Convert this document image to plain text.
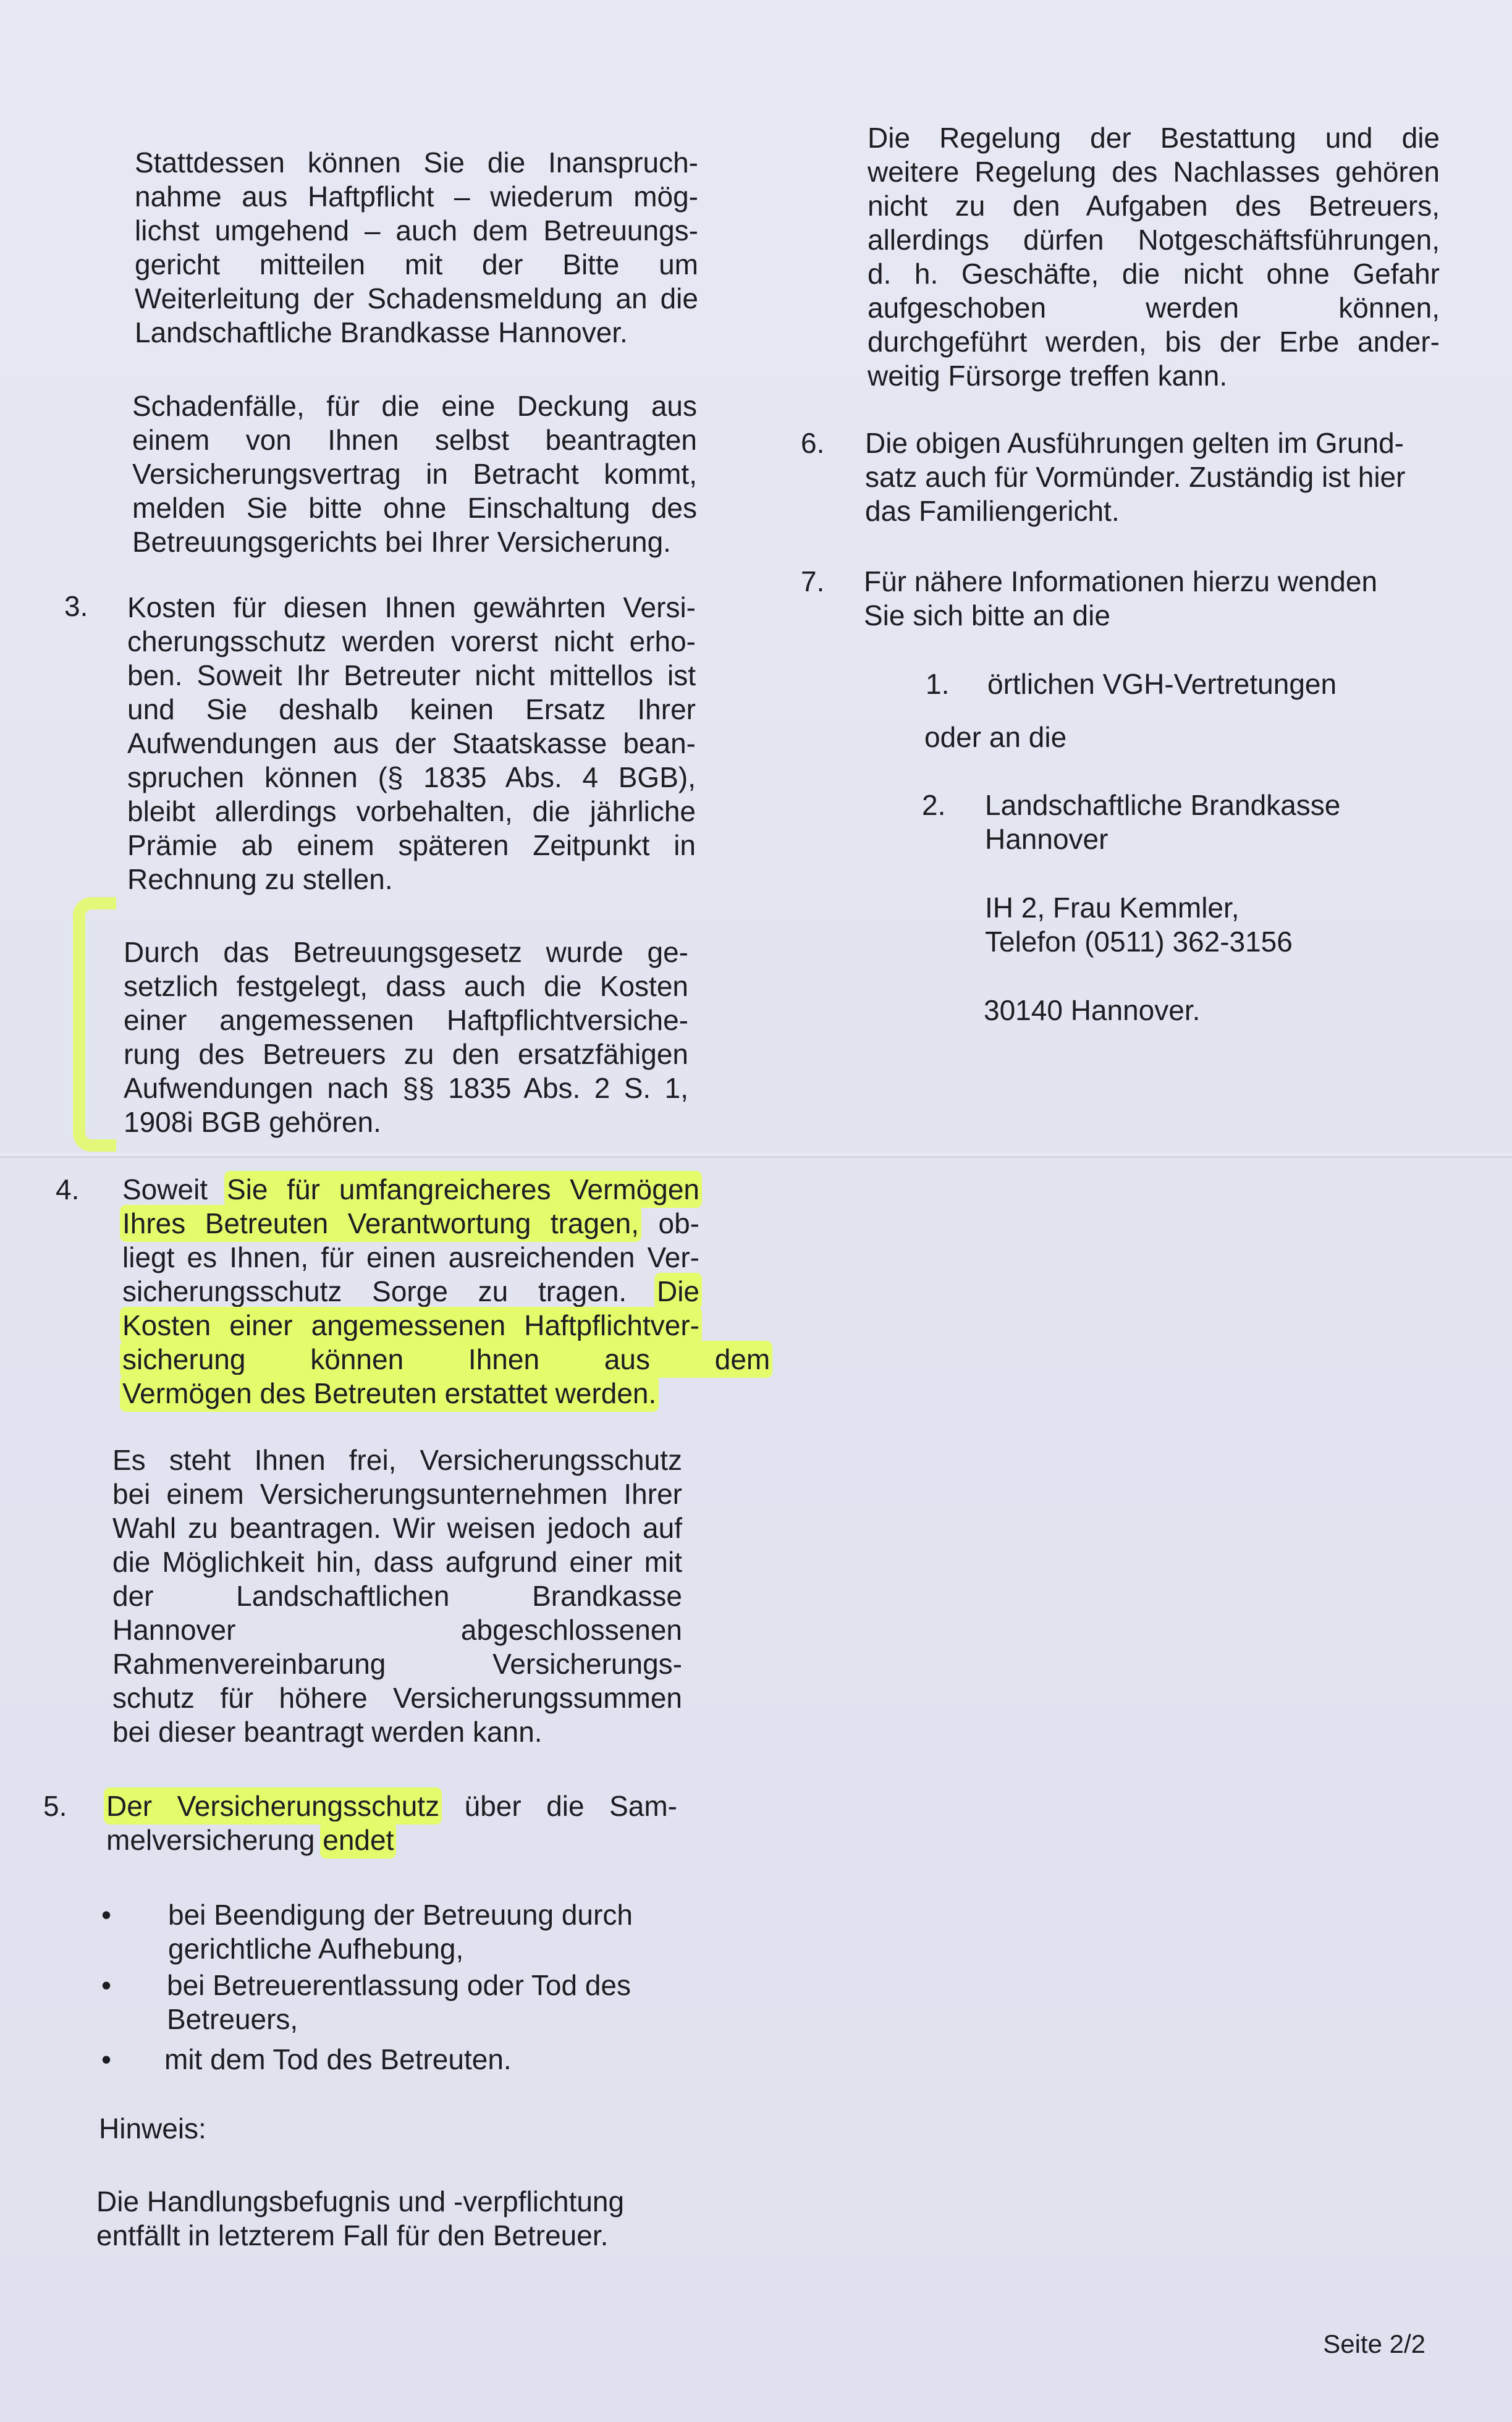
Stattdessen können Sie die Inanspruch-
nahme aus Haftpflicht – wiederum mög-
lichst umgehend – auch dem Betreuungs-
gericht mitteilen mit der Bitte um
Weiterleitung der Schadensmeldung an die
Landschaftliche Brandkasse Hannover.
Schadenfälle, für die eine Deckung aus
einem von Ihnen selbst beantragten
Versicherungsvertrag in Betracht kommt,
melden Sie bitte ohne Einschaltung des
Betreuungsgerichts bei Ihrer Versicherung.
3. Kosten für diesen Ihnen gewährten Versi-
cherungsschutz werden vorerst nicht erho-
ben. Soweit Ihr Betreuter nicht mittellos ist
und Sie deshalb keinen Ersatz Ihrer
Aufwendungen aus der Staatskasse bean-
spruchen können (§ 1835 Abs. 4 BGB),
bleibt allerdings vorbehalten, die jährliche
Prämie ab einem späteren Zeitpunkt in
Rechnung zu stellen.
Durch das Betreuungsgesetz wurde ge-
setzlich festgelegt, dass auch die Kosten
einer angemessenen Haftpflichtversiche-
rung des Betreuers zu den ersatzfähigen
Aufwendungen nach §§ 1835 Abs. 2 S. 1,
1908i BGB gehören.
4. Soweit Sie für umfangreicheres Vermögen
Ihres Betreuten Verantwortung tragen, ob-
liegt es Ihnen, für einen ausreichenden Ver-
sicherungsschutz Sorge zu tragen. Die
Kosten einer angemessenen Haftpflichtver-
sicherung können Ihnen aus dem
Vermögen des Betreuten erstattet werden.
Es steht Ihnen frei, Versicherungsschutz
bei einem Versicherungsunternehmen Ihrer
Wahl zu beantragen. Wir weisen jedoch auf
die Möglichkeit hin, dass aufgrund einer mit
der Landschaftlichen Brandkasse
Hannover abgeschlossenen
Rahmenvereinbarung Versicherungs-
schutz für höhere Versicherungssummen
bei dieser beantragt werden kann.
5. Der Versicherungsschutz über die Sam-
melversicherung endet
• bei Beendigung der Betreuung durch
gerichtliche Aufhebung,
• bei Betreuerentlassung oder Tod des
Betreuers,
• mit dem Tod des Betreuten.
Hinweis:
Die Handlungsbefugnis und -verpflichtung
entfällt in letzterem Fall für den Betreuer.
Die Regelung der Bestattung und die
weitere Regelung des Nachlasses gehören
nicht zu den Aufgaben des Betreuers,
allerdings dürfen Notgeschäftsführungen,
d. h. Geschäfte, die nicht ohne Gefahr
aufgeschoben werden können,
durchgeführt werden, bis der Erbe ander-
weitig Fürsorge treffen kann.
6. Die obigen Ausführungen gelten im Grund-
satz auch für Vormünder. Zuständig ist hier
das Familiengericht.
7. Für nähere Informationen hierzu wenden
Sie sich bitte an die
1. örtlichen VGH-Vertretungen
oder an die
2. Landschaftliche Brandkasse
Hannover
IH 2, Frau Kemmler,
Telefon (0511) 362-3156
30140 Hannover.
Seite 2/2
